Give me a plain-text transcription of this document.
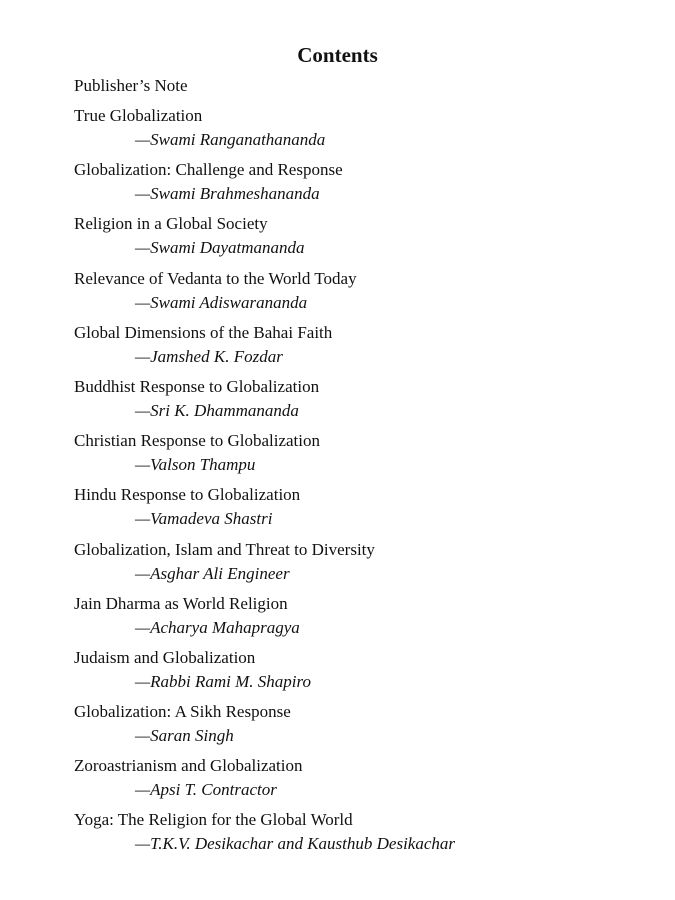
Contents
Publisher’s Note
True Globalization
—Swami Ranganathananda
Globalization: Challenge and Response
—Swami Brahmeshananda
Religion in a Global Society
—Swami Dayatmananda
Relevance of Vedanta to the World Today
—Swami Adiswarananda
Global Dimensions of the Bahai Faith
—Jamshed K. Fozdar
Buddhist Response to Globalization
—Sri K. Dhammananda
Christian Response to Globalization
—Valson Thampu
Hindu Response to Globalization
—Vamadeva Shastri
Globalization, Islam and Threat to Diversity
—Asghar Ali Engineer
Jain Dharma as World Religion
—Acharya Mahapragya
Judaism and Globalization
—Rabbi Rami M. Shapiro
Globalization: A Sikh Response
—Saran Singh
Zoroastrianism and Globalization
—Apsi T. Contractor
Yoga: The Religion for the Global World
—T.K.V. Desikachar and Kausthub Desikachar
